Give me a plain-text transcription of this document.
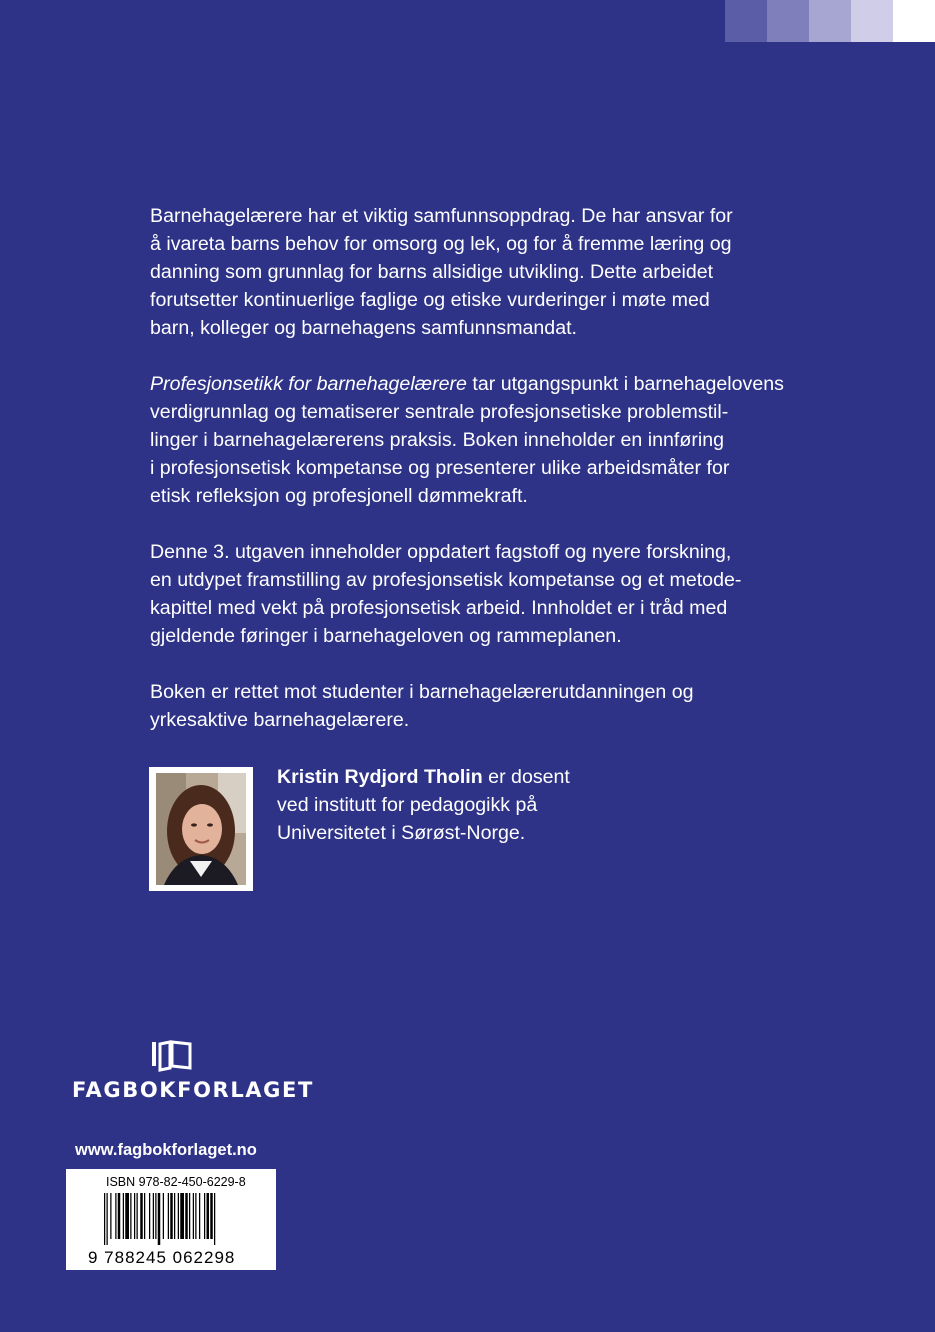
Barnehagelærere har et viktig samfunnsoppdrag. De har ansvar for
å ivareta barns behov for omsorg og lek, og for å fremme læring og
danning som grunnlag for barns allsidige utvikling. Dette arbeidet
forutsetter kontinuerlige faglige og etiske vurderinger i møte med
barn, kolleger og barnehagens samfunnsmandat.

Profesjonsetikk for barnehagelærere tar utgangspunkt i barnehagelovens
verdigrunnlag og tematiserer sentrale profesjonsetiske problemstil-
linger i barnehagelærerens praksis. Boken inneholder en innføring
i profesjonsetisk kompetanse og presenterer ulike arbeidsmåter for
etisk refleksjon og profesjonell dømmekraft.

Denne 3. utgaven inneholder oppdatert fagstoff og nyere forskning,
en utdypet framstilling av profesjonsetisk kompetanse og et metode-
kapittel med vekt på profesjonsetisk arbeid. Innholdet er i tråd med
gjeldende føringer i barnehageloven og rammeplanen.

Boken er rettet mot studenter i barnehagelærerutdanningen og
yrkesaktive barnehagelærere.

Kristin Rydjord Tholin er dosent
ved institutt for pedagogikk på
Universitetet i Sørøst-Norge.
FAGBOKFORLAGET
www.fagbokforlaget.no
ISBN 978-82-450-6229-8
9 788245 062298
